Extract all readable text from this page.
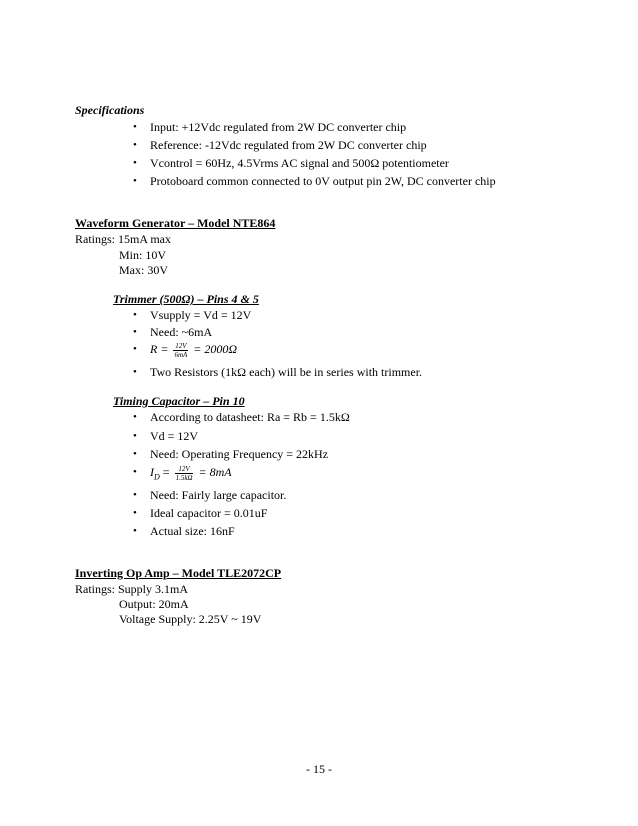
Specifications
• Input: +12Vdc regulated from 2W DC converter chip
• Reference: -12Vdc regulated from 2W DC converter chip
• Vcontrol = 60Hz, 4.5Vrms AC signal and 500Ω potentiometer
• Protoboard common connected to 0V output pin 2W, DC converter chip
Waveform Generator – Model NTE864
Ratings: 15mA max
Min: 10V
Max: 30V
Trimmer (500Ω) – Pins 4 & 5
• Vsupply = Vd = 12V
• Need: ~6mA
• $R = \frac{12V}{6mA} = 2000\Omega$
• Two Resistors (1kΩ each) will be in series with trimmer.
Timing Capacitor – Pin 10
• According to datasheet: Ra = Rb = 1.5kΩ
• Vd = 12V
• Need: Operating Frequency = 22kHz
• $I_D = \frac{12V}{1.5k\Omega} = 8mA$
• Need: Fairly large capacitor.
• Ideal capacitor = 0.01uF
• Actual size: 16nF
Inverting Op Amp – Model TLE2072CP
Ratings: Supply 3.1mA
Output: 20mA
Voltage Supply: 2.25V ~ 19V
- 15 -
